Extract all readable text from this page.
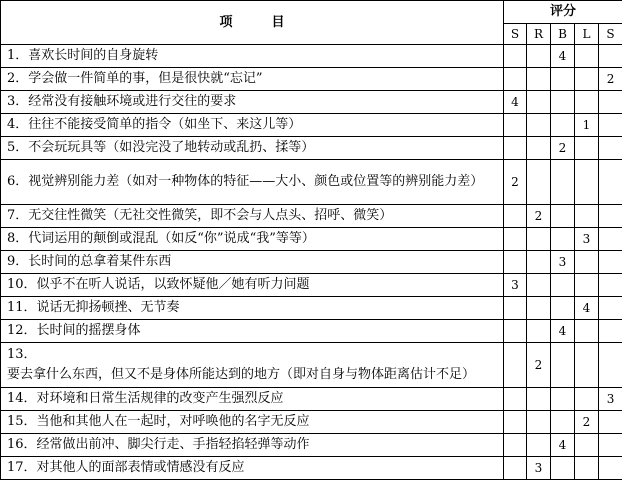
项　　　目	评分				
	S	R	B	L	S
1．喜欢长时间的自身旋转			4		
2．学会做一件简单的事，但是很快就“忘记”					2
3．经常没有接触环境或进行交往的要求	4				
4．往往不能接受简单的指令（如坐下、来这儿等）				1	
5．不会玩玩具等（如没完没了地转动或乱扔、揉等）			2		
6．视觉辨别能力差（如对一种物体的特征——大小、颜色或位置等的辨别能力差）	2				
7．无交往性微笑（无社交性微笑，即不会与人点头、招呼、微笑）		2			
8．代词运用的颠倒或混乱（如反“你”说成“我”等等）				3	
9．长时间的总拿着某件东西			3		
10．似乎不在听人说话，以致怀疑他／她有听力问题	3				
11．说话无抑扬顿挫、无节奏				4	
12．长时间的摇摆身体			4		
13．要去拿什么东西，但又不是身体所能达到的地方（即对自身与物体距离估计不足）		2			
14．对环境和日常生活规律的改变产生强烈反应					3
15．当他和其他人在一起时，对呼唤他的名字无反应				2	
16．经常做出前冲、脚尖行走、手指轻掐轻弹等动作			4		
17．对其他人的面部表情或情感没有反应		3			
